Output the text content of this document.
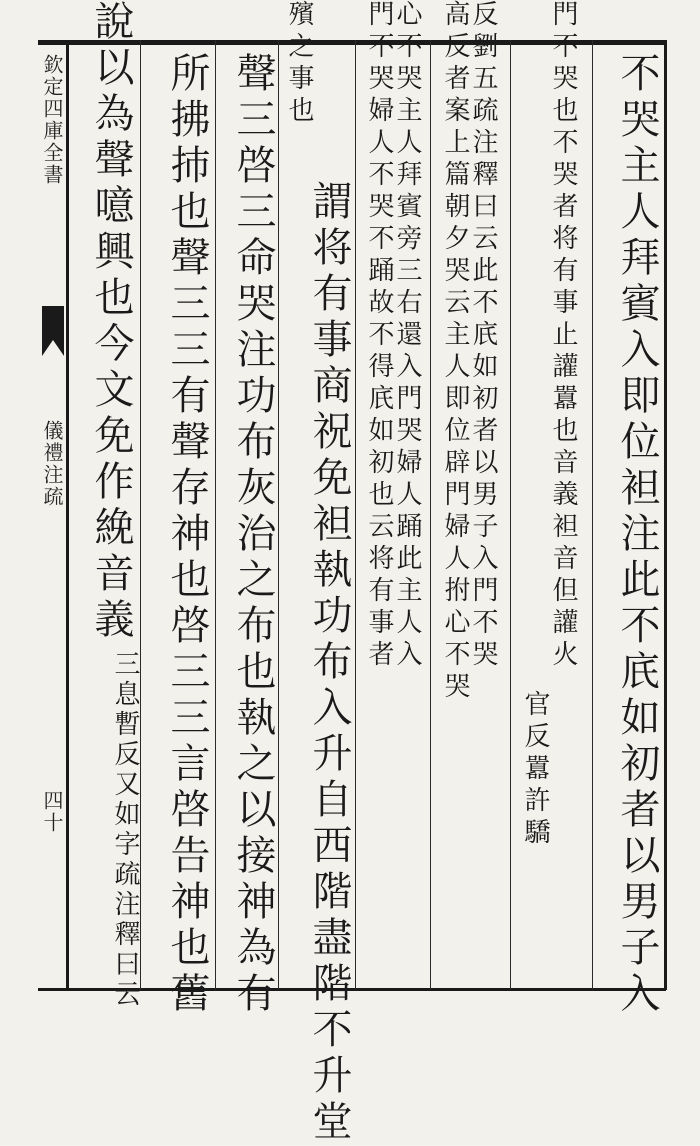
欽定四庫全書
儀禮注疏
四十	不哭主人拜賓入即位袒注此不㡳如初者以男子入
門不哭也不哭者将有事止讙囂也音義袒音但讙火
官反囂許驕
反劉五疏注釋曰云此不㡳如初者以男子入門不哭
高反者案上篇朝夕哭云主人即位辟門婦人拊心不哭
心不哭主人拜賓旁三右還入門哭婦人踊此主人入
門不哭婦人不哭不踊故不得㡳如初也云将有事者
謂将有事商祝免袒執功布入升自西階盡階不升堂
殯之事也
聲三啓三命哭注功布灰治之布也執之以接神為有
所拂㧊也聲三三有聲存神也啓三三言啓告神也舊
說以為聲噫興也今文免作絻音義
三息暫反又如字疏注釋曰云
